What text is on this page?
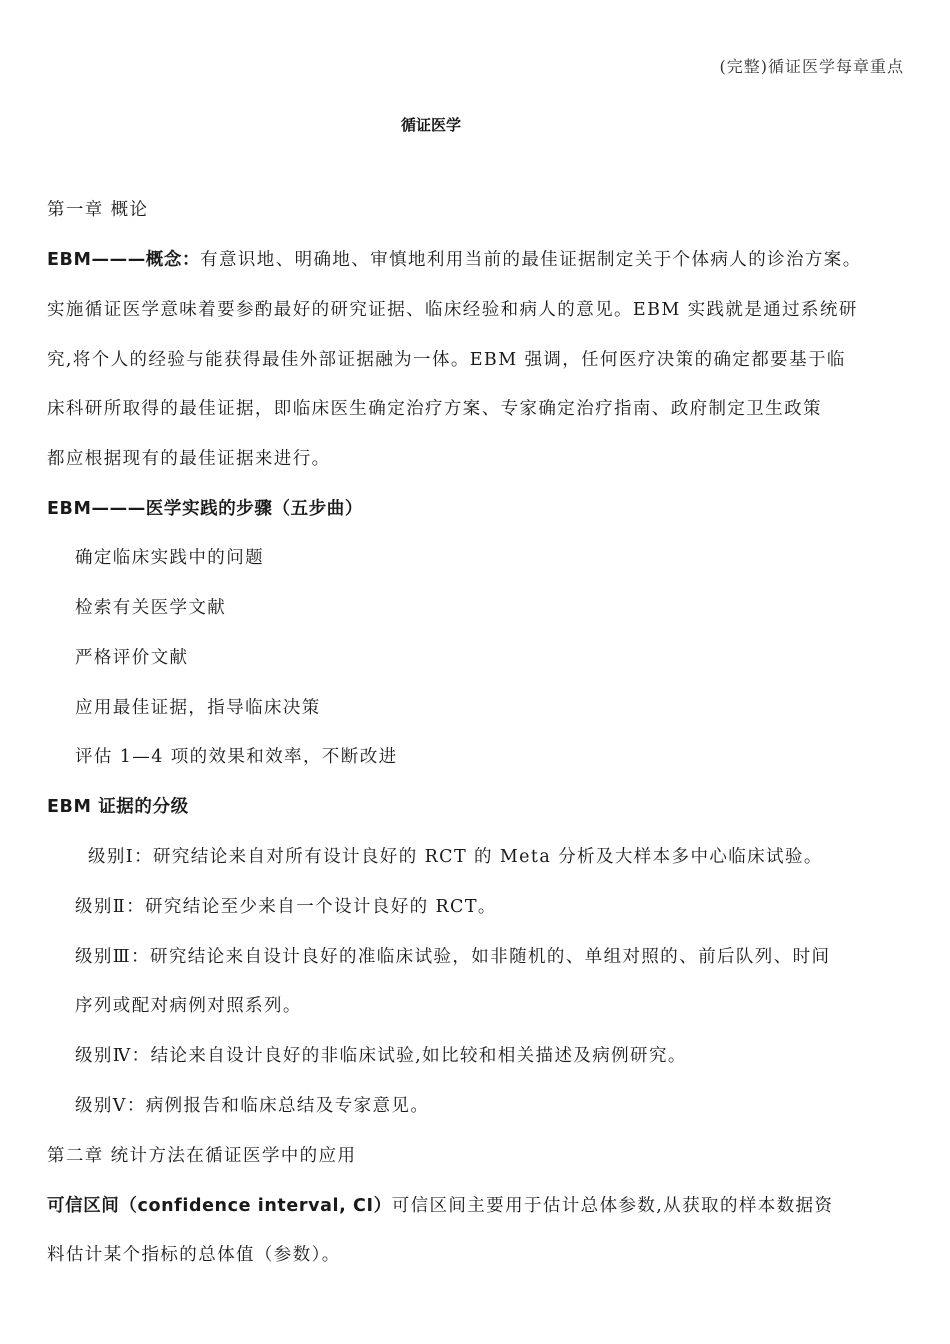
(完整)循证医学每章重点
循证医学
第一章 概论
EBM———概念：有意识地、明确地、审慎地利用当前的最佳证据制定关于个体病人的诊治方案。
实施循证医学意味着要参酌最好的研究证据、临床经验和病人的意见。EBM 实践就是通过系统研
究,将个人的经验与能获得最佳外部证据融为一体。EBM 强调，任何医疗决策的确定都要基于临
床科研所取得的最佳证据，即临床医生确定治疗方案、专家确定治疗指南、政府制定卫生政策
都应根据现有的最佳证据来进行。
EBM———医学实践的步骤（五步曲）
确定临床实践中的问题
检索有关医学文献
严格评价文献
应用最佳证据，指导临床决策
评估 1—4 项的效果和效率，不断改进
EBM 证据的分级
级别Ⅰ：研究结论来自对所有设计良好的 RCT 的 Meta 分析及大样本多中心临床试验。
级别Ⅱ：研究结论至少来自一个设计良好的 RCT。
级别Ⅲ：研究结论来自设计良好的准临床试验，如非随机的、单组对照的、前后队列、时间
序列或配对病例对照系列。
级别Ⅳ：结论来自设计良好的非临床试验,如比较和相关描述及病例研究。
级别Ⅴ：病例报告和临床总结及专家意见。
第二章 统计方法在循证医学中的应用
可信区间（confidence interval, CI）可信区间主要用于估计总体参数,从获取的样本数据资
料估计某个指标的总体值（参数）。
